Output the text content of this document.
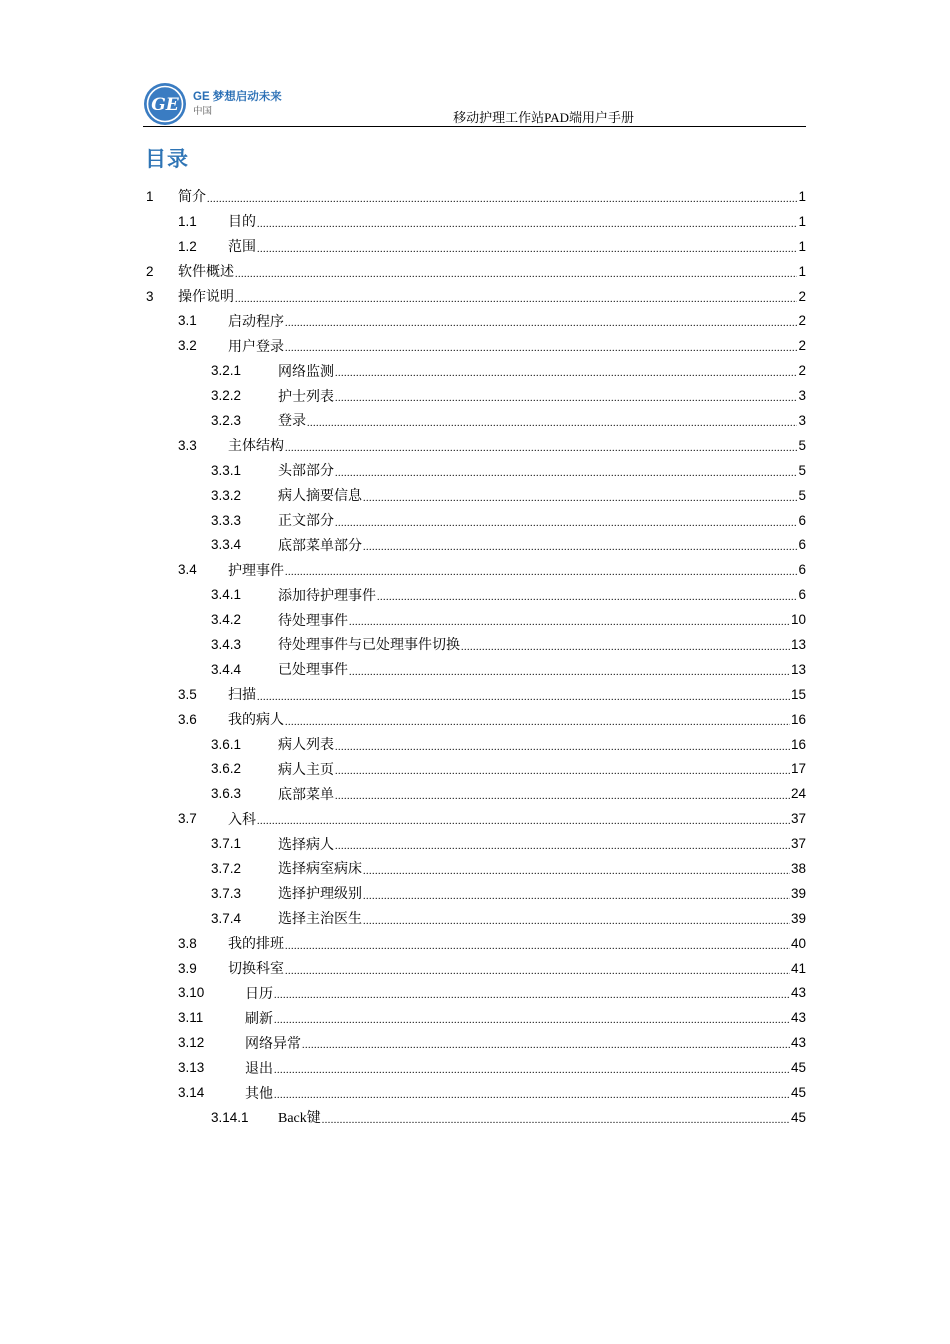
GE GE 梦想启动未来
中国	移动护理工作站PAD端用户手册
目录
1	简介 .....	1
1.1	目的 .....	1
1.2	范围 .....	1
2	软件概述 .....	1
3	操作说明 .....	2
3.1	启动程序 .....	2
3.2	用户登录 .....	2
3.2.1	网络监测 .....	2
3.2.2	护士列表 .....	3
3.2.3	登录 .....	3
3.3	主体结构 .....	5
3.3.1	头部部分 .....	5
3.3.2	病人摘要信息 .....	5
3.3.3	正文部分 .....	6
3.3.4	底部菜单部分 .....	6
3.4	护理事件 .....	6
3.4.1	添加待护理事件 .....	6
3.4.2	待处理事件 .....	10
3.4.3	待处理事件与已处理事件切换 .....	13
3.4.4	已处理事件 .....	13
3.5	扫描 .....	15
3.6	我的病人 .....	16
3.6.1	病人列表 .....	16
3.6.2	病人主页 .....	17
3.6.3	底部菜单 .....	24
3.7	入科 .....	37
3.7.1	选择病人 .....	37
3.7.2	选择病室病床 .....	38
3.7.3	选择护理级别 .....	39
3.7.4	选择主治医生 .....	39
3.8	我的排班 .....	40
3.9	切换科室 .....	41
3.10	日历 .....	43
3.11	刷新 .....	43
3.12	网络异常 .....	43
3.13	退出 .....	45
3.14	其他 .....	45
3.14.1	Back键 .....	45
